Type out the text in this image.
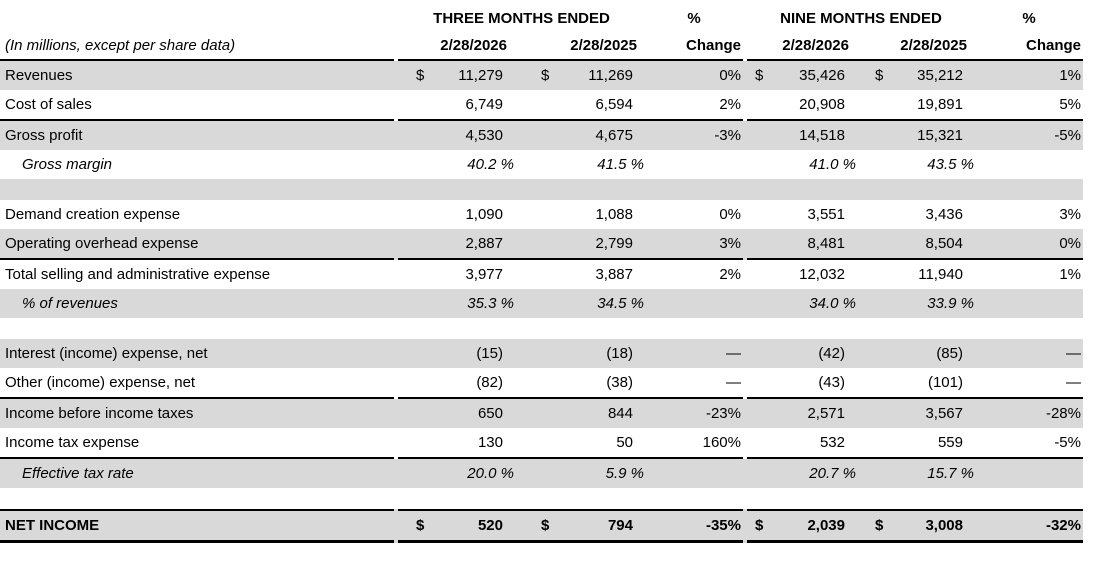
		THREE MONTHS ENDED				%		NINE MONTHS ENDED				%
(In millions, except per share data)		2/28/2026		2/28/2025		Change		2/28/2026		2/28/2025		Change
Revenues		$	11,279	$	11,269	0%		$	35,426	$	35,212	1%
Cost of sales			6,749		6,594	2%			20,908		19,891	5%
Gross profit			4,530		4,675	-3%			14,518		15,321	-5%
Gross margin		40.2 %		41.5 %				41.0 %		43.5 %		

Demand creation expense			1,090		1,088	0%			3,551		3,436	3%
Operating overhead expense			2,887		2,799	3%			8,481		8,504	0%
Total selling and administrative expense			3,977		3,887	2%			12,032		11,940	1%
% of revenues		35.3 %		34.5 %				34.0 %		33.9 %		

Interest (income) expense, net			(15)		(18)	—			(42)		(85)	—
Other (income) expense, net			(82)		(38)	—			(43)		(101)	—
Income before income taxes			650		844	-23%			2,571		3,567	-28%
Income tax expense			130		50	160%			532		559	-5%
Effective tax rate		20.0 %		5.9 %				20.7 %		15.7 %		

NET INCOME		$	520	$	794	-35%		$	2,039	$	3,008	-32%
